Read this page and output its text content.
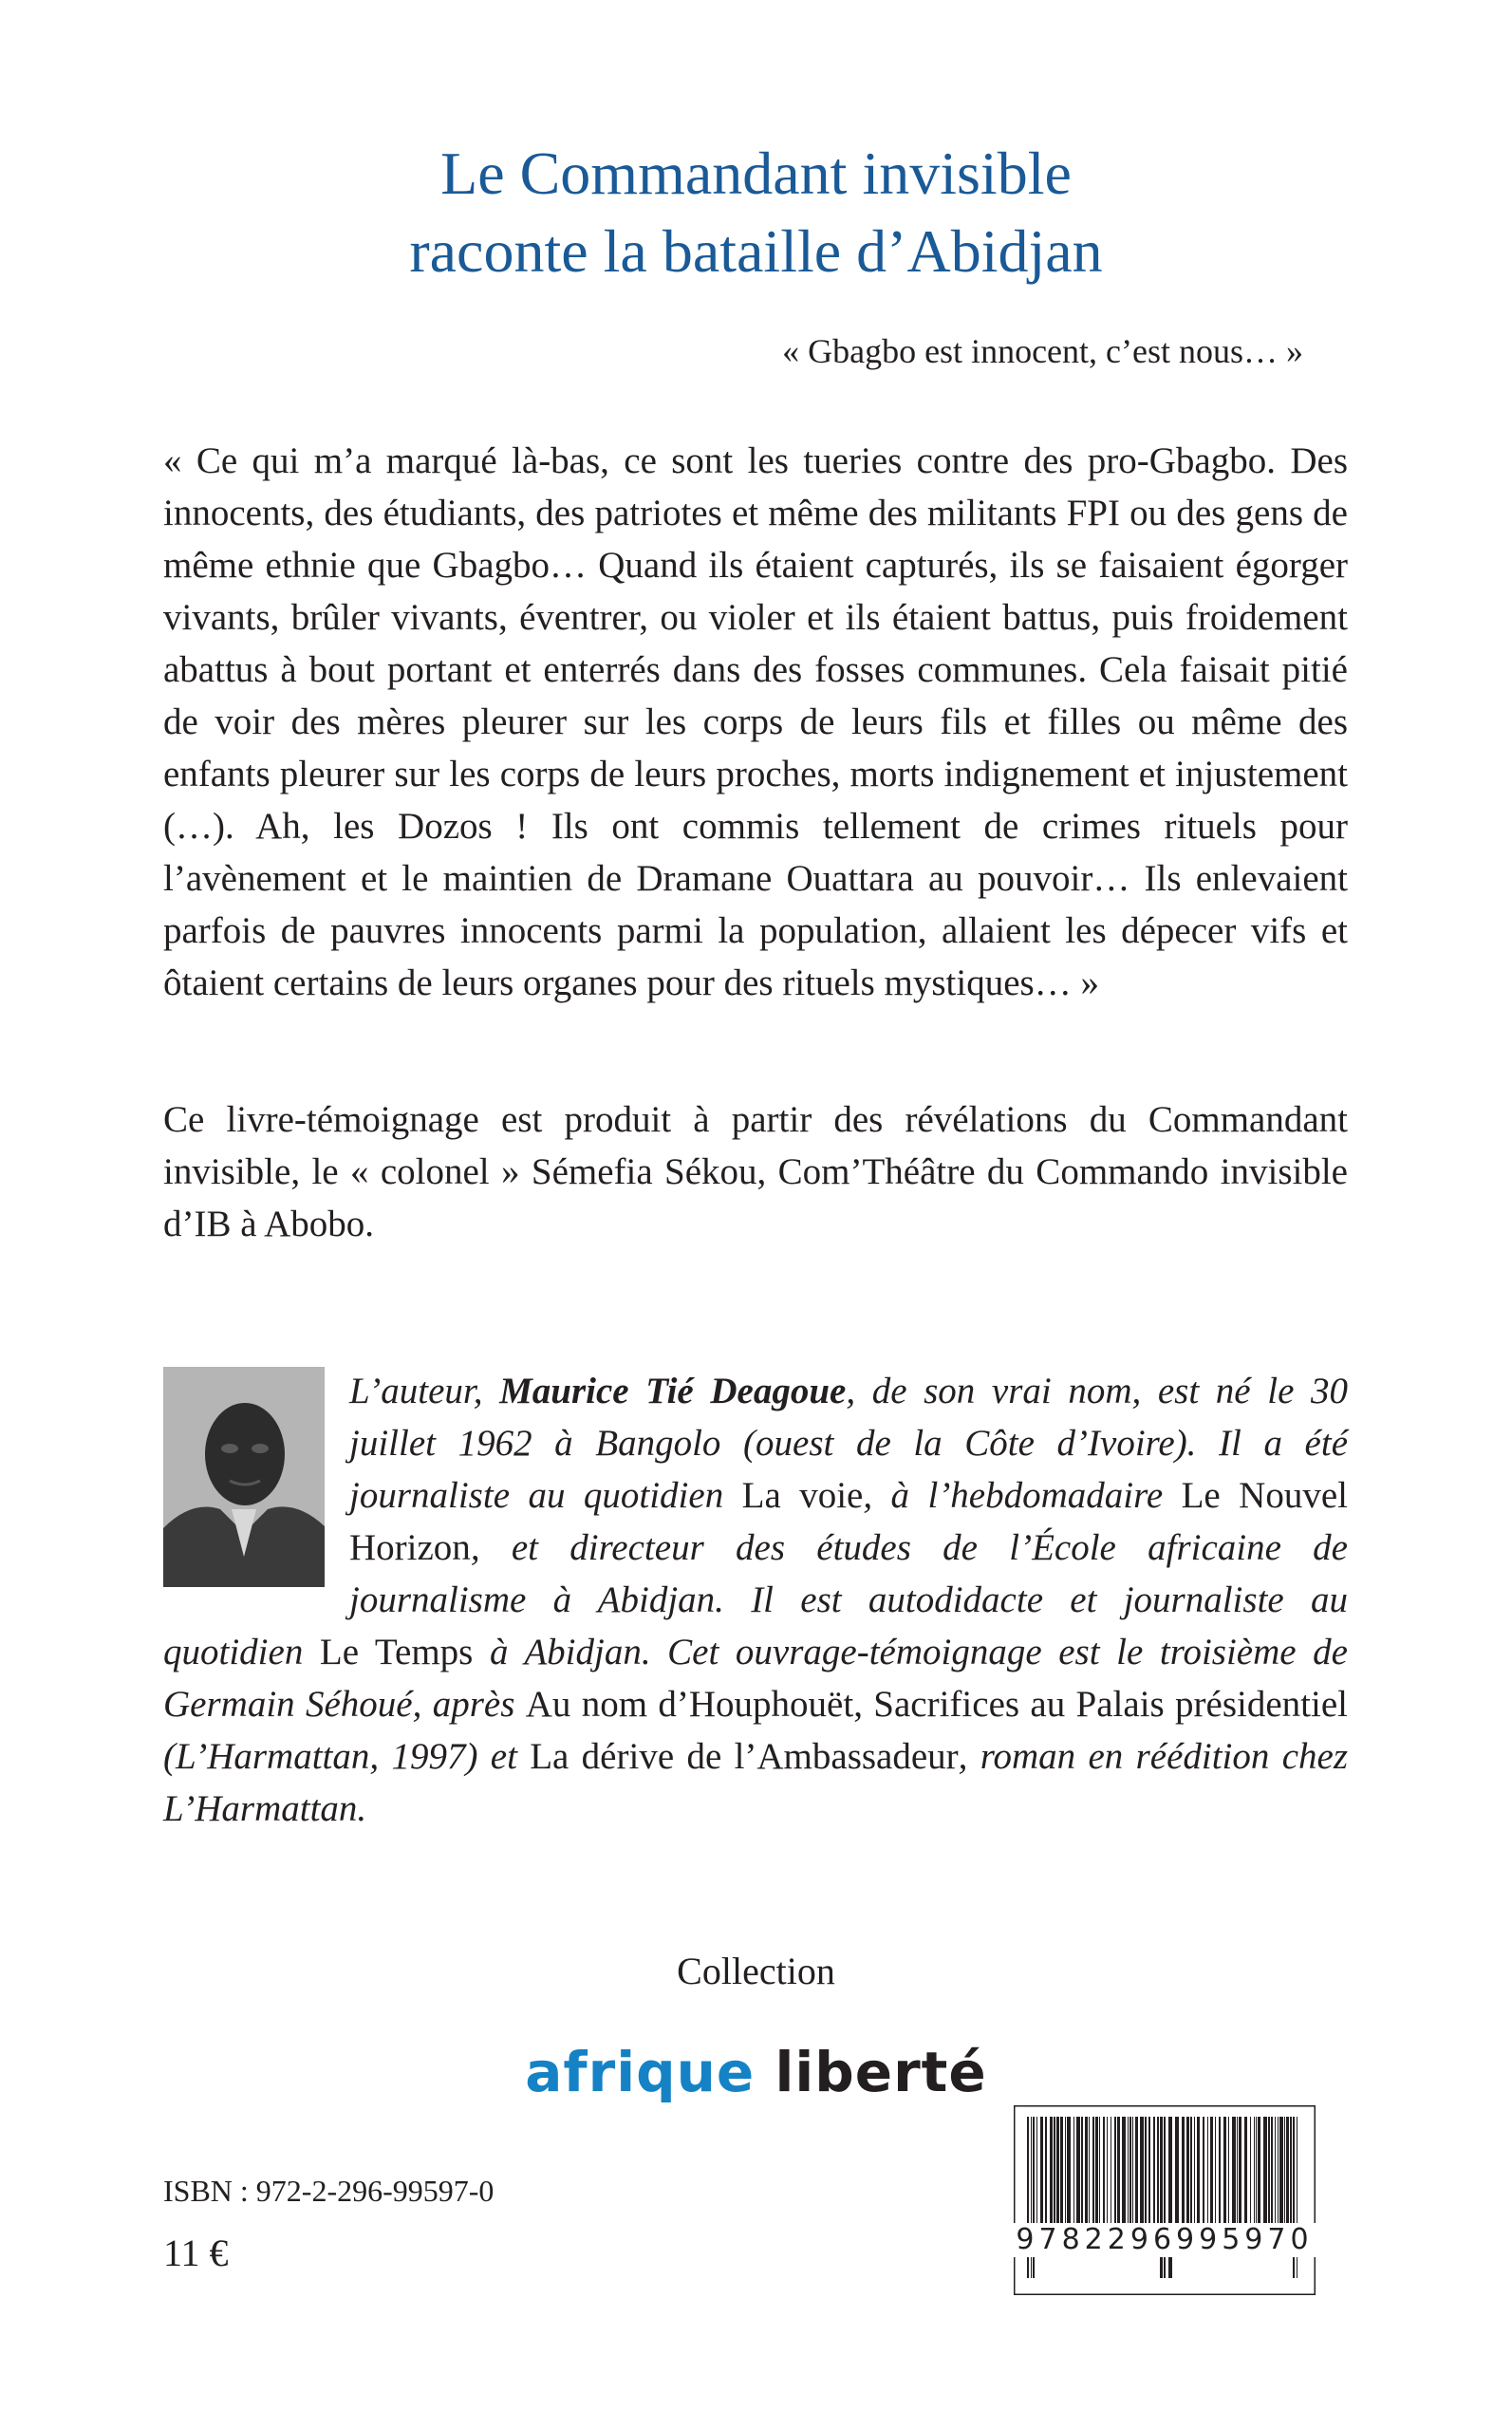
Le Commandant invisible
raconte la bataille d’Abidjan

« Gbagbo est innocent, c’est nous… »

« Ce qui m’a marqué là-bas, ce sont les tueries contre des pro-Gbagbo. Des innocents, des étudiants, des patriotes et même des militants FPI ou des gens de même ethnie que Gbagbo… Quand ils étaient capturés, ils se faisaient égorger vivants, brûler vivants, éventrer, ou violer et ils étaient battus, puis froidement abattus à bout portant et enterrés dans des fosses communes. Cela faisait pitié de voir des mères pleurer sur les corps de leurs fils et filles ou même des enfants pleurer sur les corps de leurs proches, morts indignement et injustement (…). Ah, les Dozos ! Ils ont commis tellement de crimes rituels pour l’avènement et le maintien de Dramane Ouattara au pouvoir… Ils enlevaient parfois de pauvres innocents parmi la population, allaient les dépecer vifs et ôtaient certains de leurs organes pour des rituels mystiques… »

Ce livre-témoignage est produit à partir des révélations du Commandant invisible, le « colonel » Sémefia Sékou, Com’Théâtre du Commando invisible d’IB à Abobo.

L’auteur, Maurice Tié Deagoue, de son vrai nom, est né le 30 juillet 1962 à Bangolo (ouest de la Côte d’Ivoire). Il a été journaliste au quotidien La voie, à l’hebdomadaire Le Nouvel Horizon, et directeur des études de l’École africaine de journalisme à Abidjan. Il est autodidacte et journaliste au quotidien Le Temps à Abidjan. Cet ouvrage-témoignage est le troisième de Germain Séhoué, après Au nom d’Houphouët, Sacrifices au Palais présidentiel (L’Harmattan, 1997) et La dérive de l’Ambassadeur, roman en réédition chez L’Harmattan.

Collection

afrique liberté

ISBN : 972-2-296-99597-0

11 €	9782296995970
